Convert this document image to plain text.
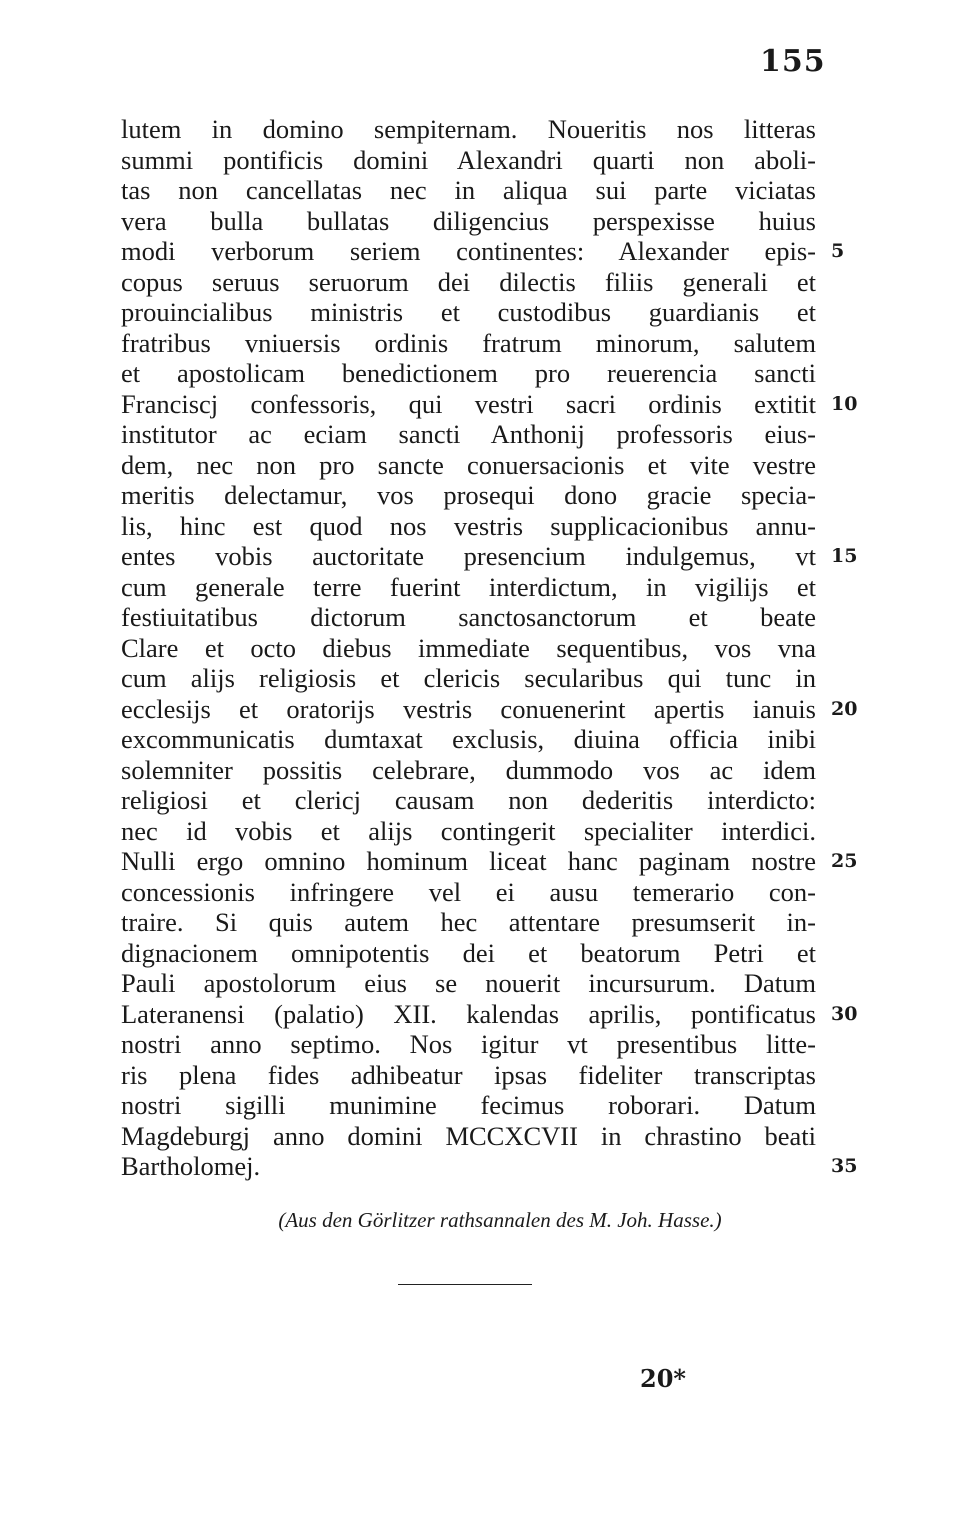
155
lutem in domino sempiternam. Noueritis nos litteras
summi pontificis domini Alexandri quarti non aboli-
tas non cancellatas nec in aliqua sui parte viciatas
vera bulla bullatas diligencius perspexisse huius
modi verborum seriem continentes: Alexander epis- 5
copus seruus seruorum dei dilectis filiis generali et
prouincialibus ministris et custodibus guardianis et
fratribus vniuersis ordinis fratrum minorum, salutem
et apostolicam benedictionem pro reuerencia sancti
Franciscj confessoris, qui vestri sacri ordinis extitit 10
institutor ac eciam sancti Anthonij professoris eius-
dem, nec non pro sancte conuersacionis et vite vestre
meritis delectamur, vos prosequi dono gracie specia-
lis, hinc est quod nos vestris supplicacionibus annu-
entes vobis auctoritate presencium indulgemus, vt 15
cum generale terre fuerint interdictum, in vigilijs et
festiuitatibus dictorum sanctosanctorum et beate
Clare et octo diebus immediate sequentibus, vos vna
cum alijs religiosis et clericis secularibus qui tunc in
ecclesijs et oratorijs vestris conuenerint apertis ianuis 20
excommunicatis dumtaxat exclusis, diuina officia inibi
solemniter possitis celebrare, dummodo vos ac idem
religiosi et clericj causam non dederitis interdicto:
nec id vobis et alijs contingerit specialiter interdici.
Nulli ergo omnino hominum liceat hanc paginam nostre 25
concessionis infringere vel ei ausu temerario con-
traire. Si quis autem hec attentare presumserit in-
dignacionem omnipotentis dei et beatorum Petri et
Pauli apostolorum eius se nouerit incursurum. Datum
Lateranensi (palatio) XII. kalendas aprilis, pontificatus 30
nostri anno septimo. Nos igitur vt presentibus litte-
ris plena fides adhibeatur ipsas fideliter transcriptas
nostri sigilli munimine fecimus roborari. Datum
Magdeburgj anno domini MCCXCVII in chrastino beati
Bartholomej.	35
(Aus den Görlitzer rathsannalen des M. Joh. Hasse.)
20*
